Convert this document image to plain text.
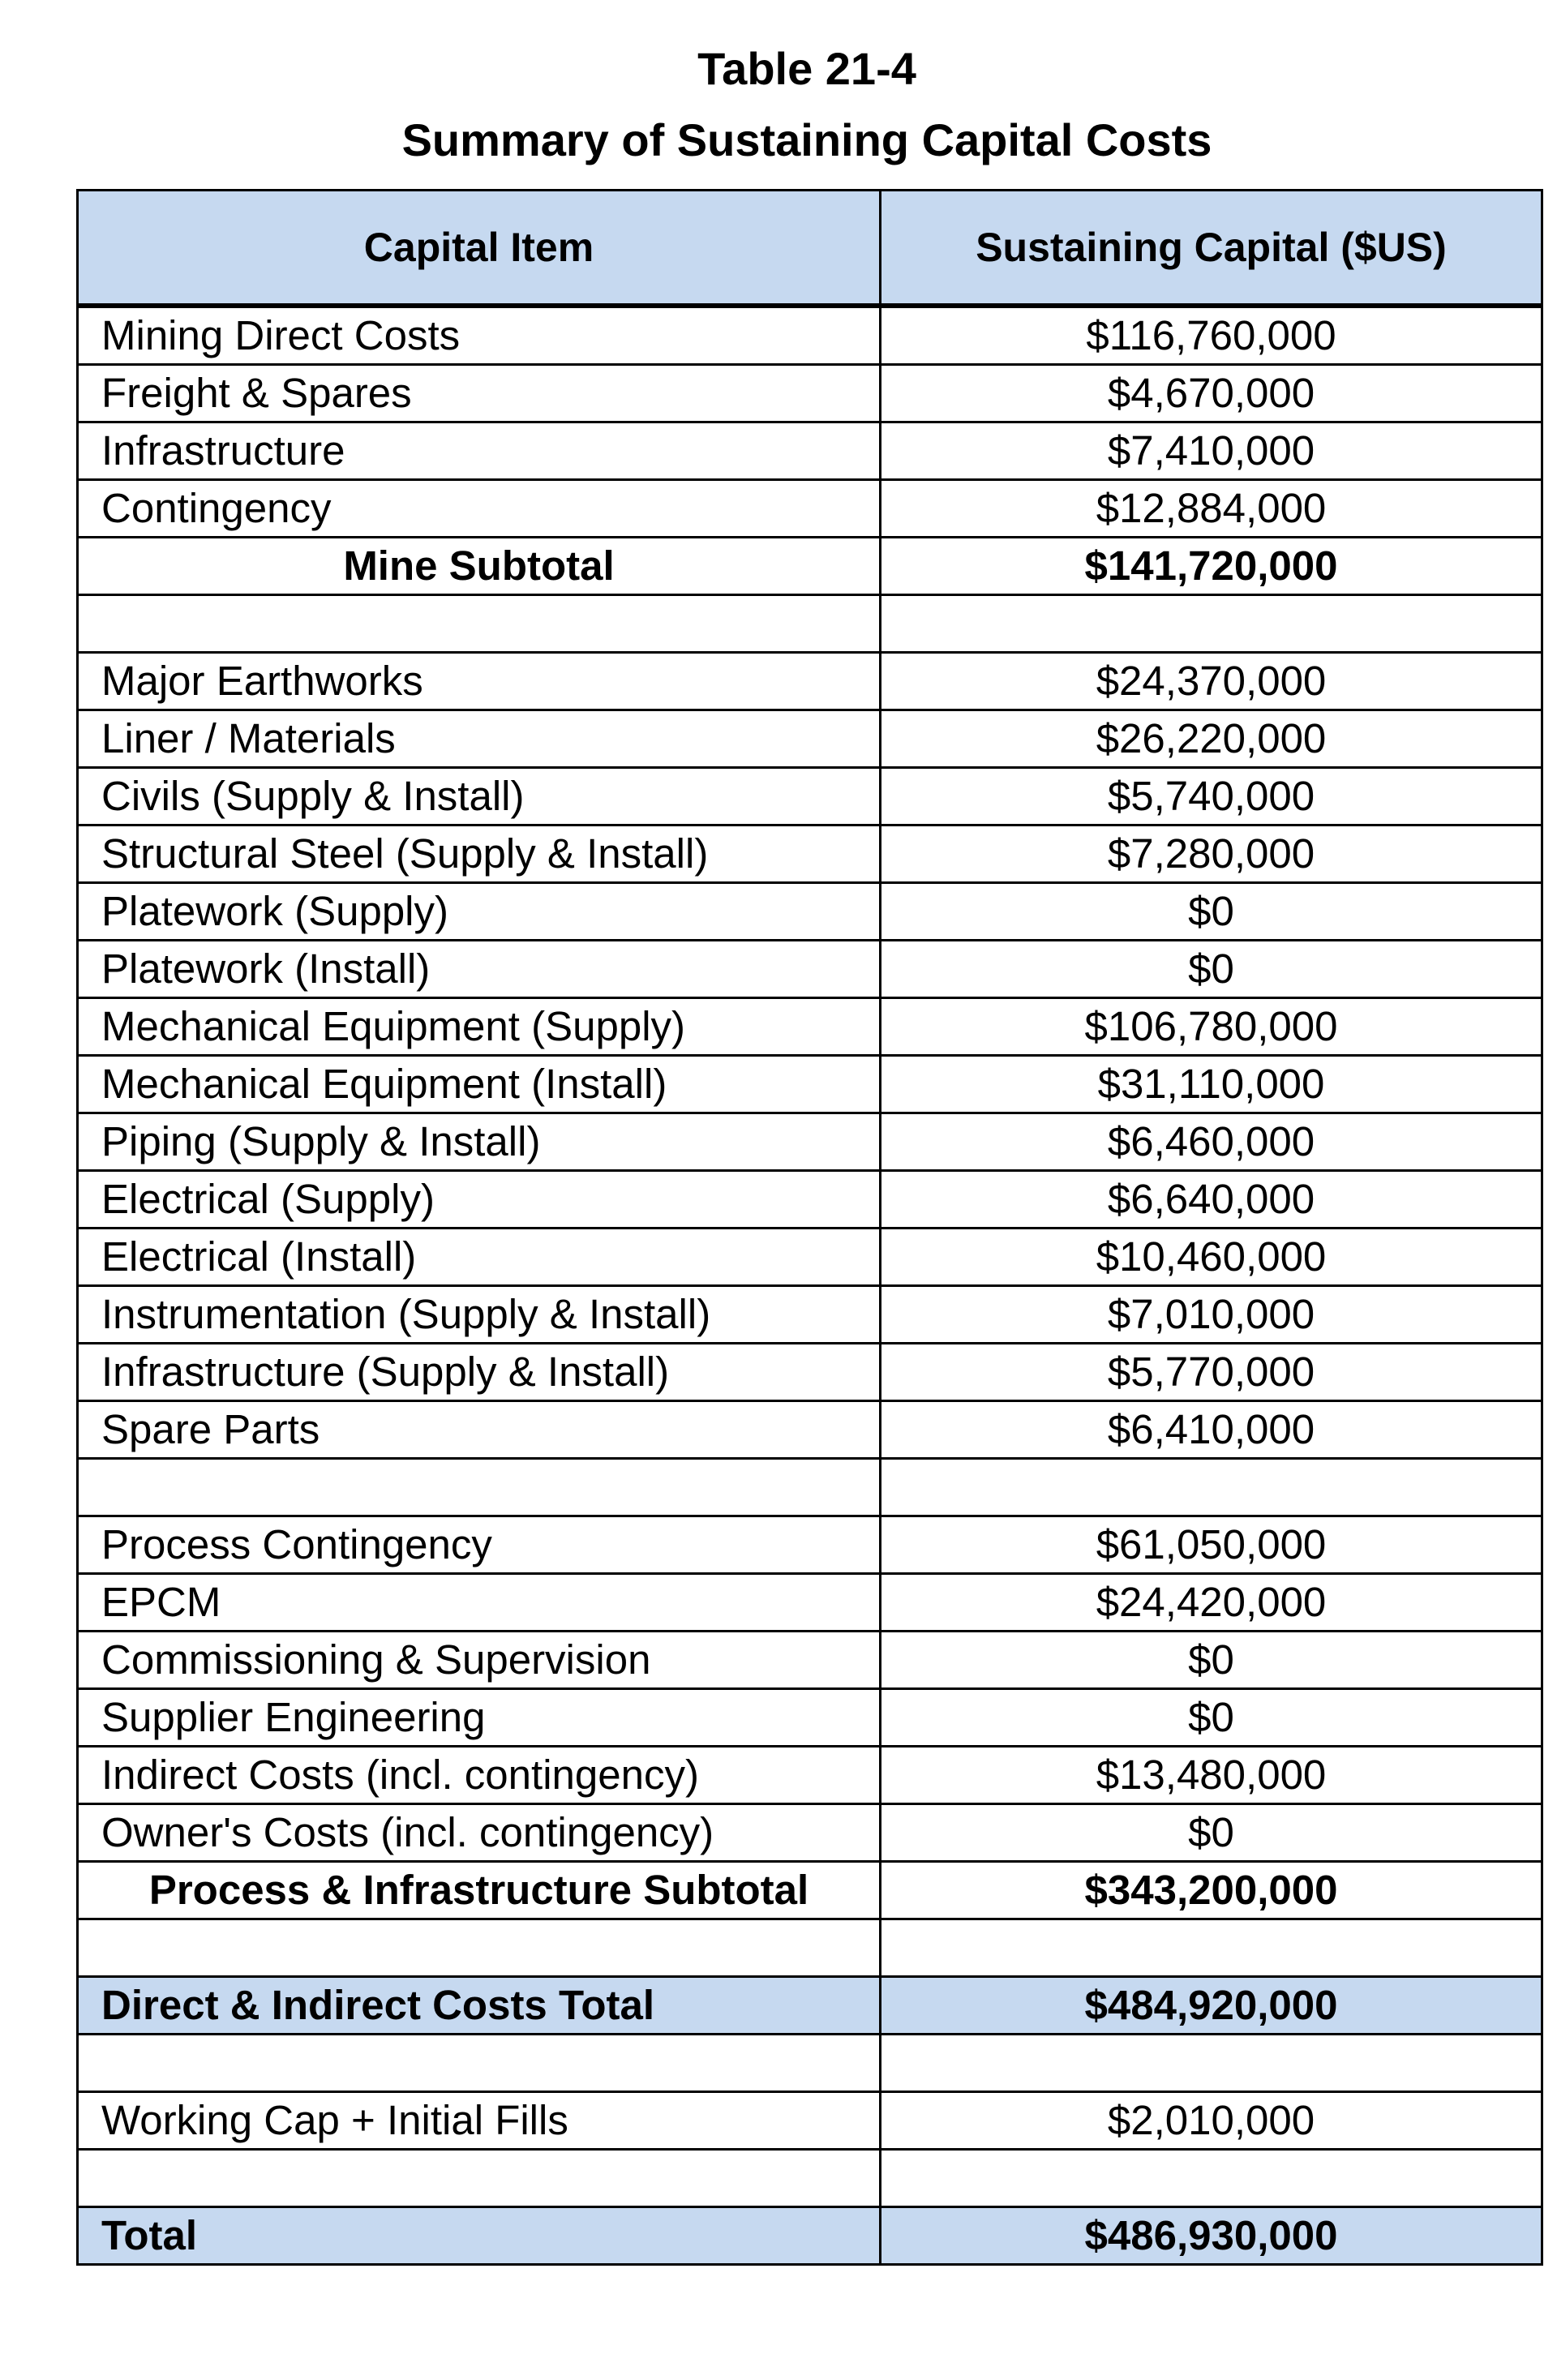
Table 21-4
Summary of Sustaining Capital Costs
Capital Item	Sustaining Capital ($US)
Mining Direct Costs	$116,760,000
Freight & Spares	$4,670,000
Infrastructure	$7,410,000
Contingency	$12,884,000
Mine Subtotal	$141,720,000

Major Earthworks	$24,370,000
Liner / Materials	$26,220,000
Civils (Supply & Install)	$5,740,000
Structural Steel (Supply & Install)	$7,280,000
Platework (Supply)	$0
Platework (Install)	$0
Mechanical Equipment (Supply)	$106,780,000
Mechanical Equipment (Install)	$31,110,000
Piping (Supply & Install)	$6,460,000
Electrical (Supply)	$6,640,000
Electrical (Install)	$10,460,000
Instrumentation (Supply & Install)	$7,010,000
Infrastructure (Supply & Install)	$5,770,000
Spare Parts	$6,410,000

Process Contingency	$61,050,000
EPCM	$24,420,000
Commissioning & Supervision	$0
Supplier Engineering	$0
Indirect Costs (incl. contingency)	$13,480,000
Owner's Costs (incl. contingency)	$0
Process & Infrastructure Subtotal	$343,200,000

Direct & Indirect Costs Total	$484,920,000

Working Cap + Initial Fills	$2,010,000

Total	$486,930,000
